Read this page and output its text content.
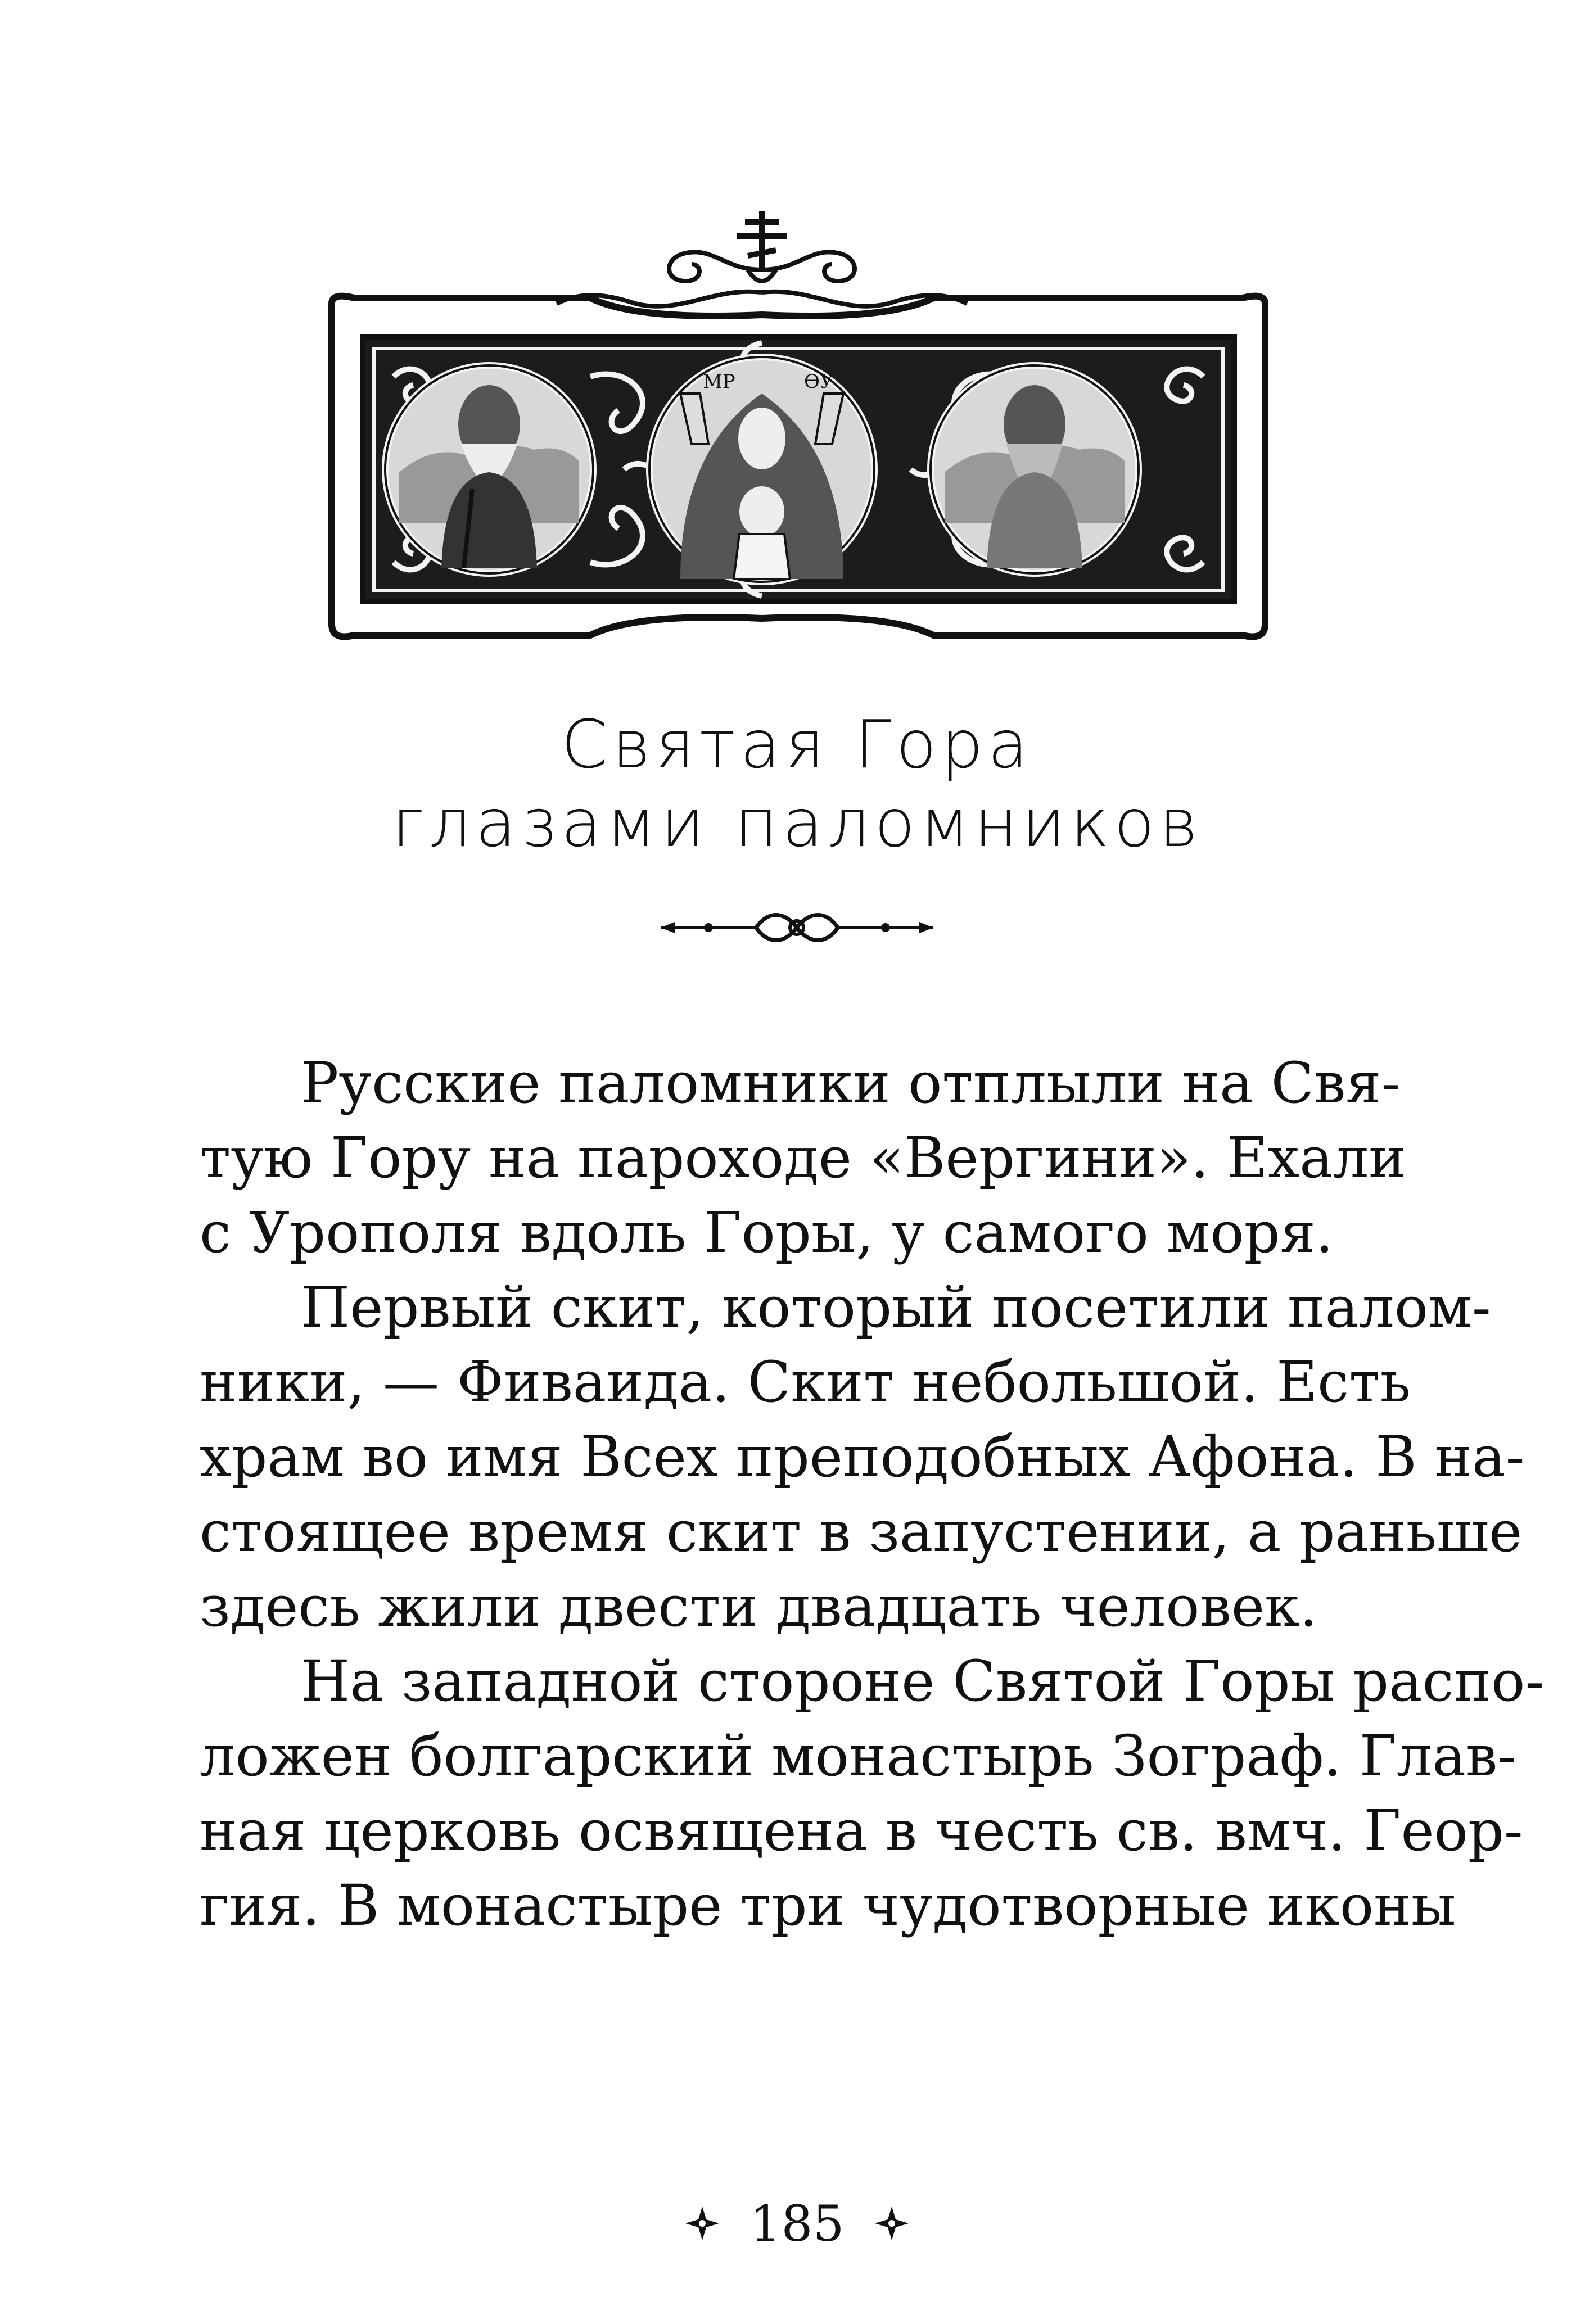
МР	ѲУ
Святая Гора
глазами паломников
Русские паломники отплыли на Свя-
тую Гору на пароходе «Вергини». Ехали
с Урополя вдоль Горы, у самого моря.
Первый скит, который посетили палом-
ники, — Фиваида. Скит небольшой. Есть
храм во имя Всех преподобных Афона. В на-
стоящее время скит в запустении, а раньше
здесь жили двести двадцать человек.
На западной стороне Святой Горы распо-
ложен болгарский монастырь Зограф. Глав-
ная церковь освящена в честь св. вмч. Геор-
гия. В монастыре три чудотворные иконы
185
